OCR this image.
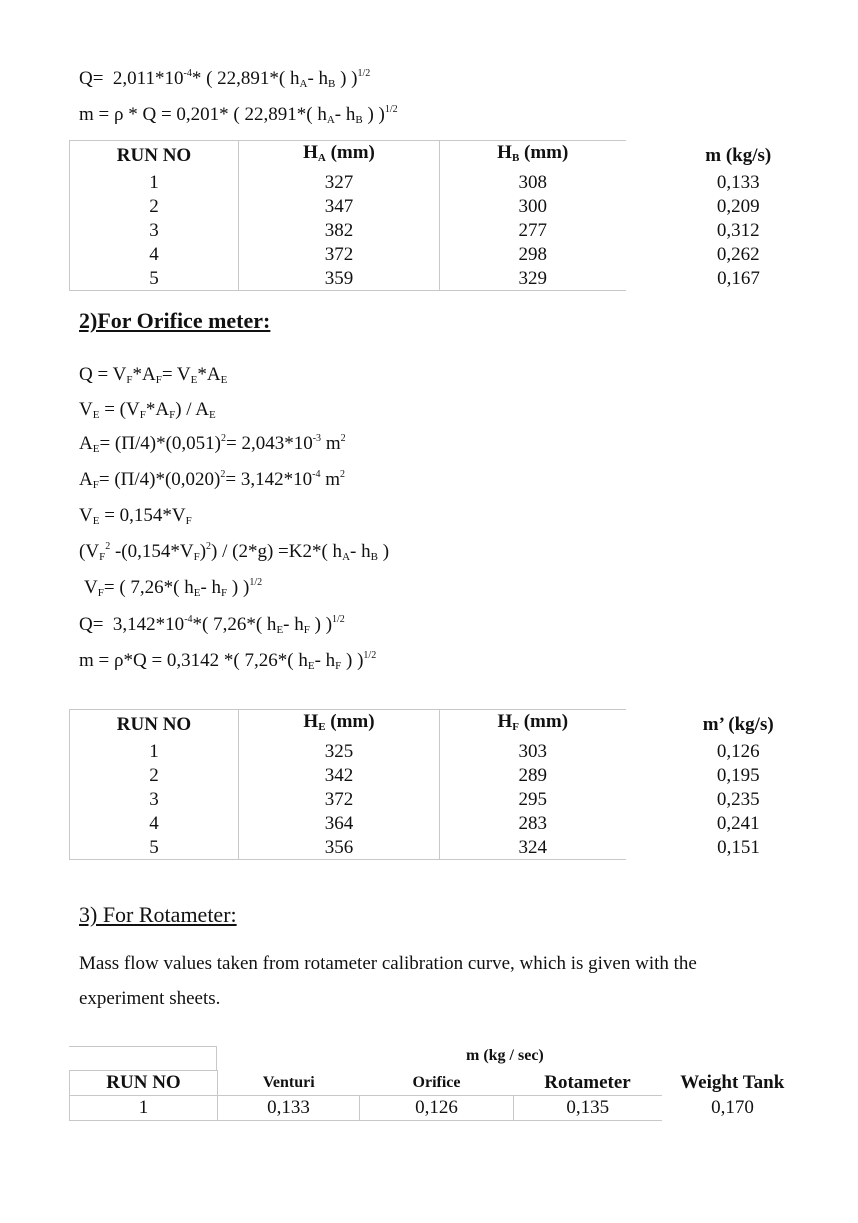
$Q= 2,011*10^{-4}*$ ( 22,891*( $h_A-$ $h_B$ ) )$^{1/2}$
m = ρ * Q = 0,201* ( 22,891*( $h_A-$ $h_B$ ) )$^{1/2}$
RUN NO	$H_A$ (mm)	$H_B$ (mm)	m (kg/s)
1	327	308	0,133
2	347	300	0,209
3	382	277	0,312
4	372	298	0,262
5	359	329	0,167
2)For Orifice meter:
$Q = V_F*A_F= V_E*A_E$
$V_E = (V_F*A_F) / A_E$
$A_E= (\Pi/4)*(0,051)^2= 2,043*10^{-3}$ $m^2$
$A_F= (\Pi/4)*(0,020)^2= 3,142*10^{-4}$ $m^2$
$V_E = 0,154*V_F$
($V_F^2$ $-(0,154*V_F)^2) / (2*g) =K2*$( $h_A-$ $h_B$ )
$V_F=$ ( 7,26*( $h_E-$ $h_F$ ) )$^{1/2}$
$Q= 3,142*10^{-4}*$( 7,26*( $h_E-$ $h_F$ ) )$^{1/2}$
m = ρ*Q = 0,3142 *( 7,26*( $h_E-$ $h_F$ ) )$^{1/2}$
RUN NO	$H_E$ (mm)	$H_F$ (mm)	m’ (kg/s)
1	325	303	0,126
2	342	289	0,195
3	372	295	0,235
4	364	283	0,241
5	356	324	0,151
3) For Rotameter:
Mass flow values taken from rotameter calibration curve, which is given with the
experiment sheets.
m (kg / sec)
RUN NO	Venturi	Orifice	Rotameter	Weight Tank
1	0,133	0,126	0,135	0,170
